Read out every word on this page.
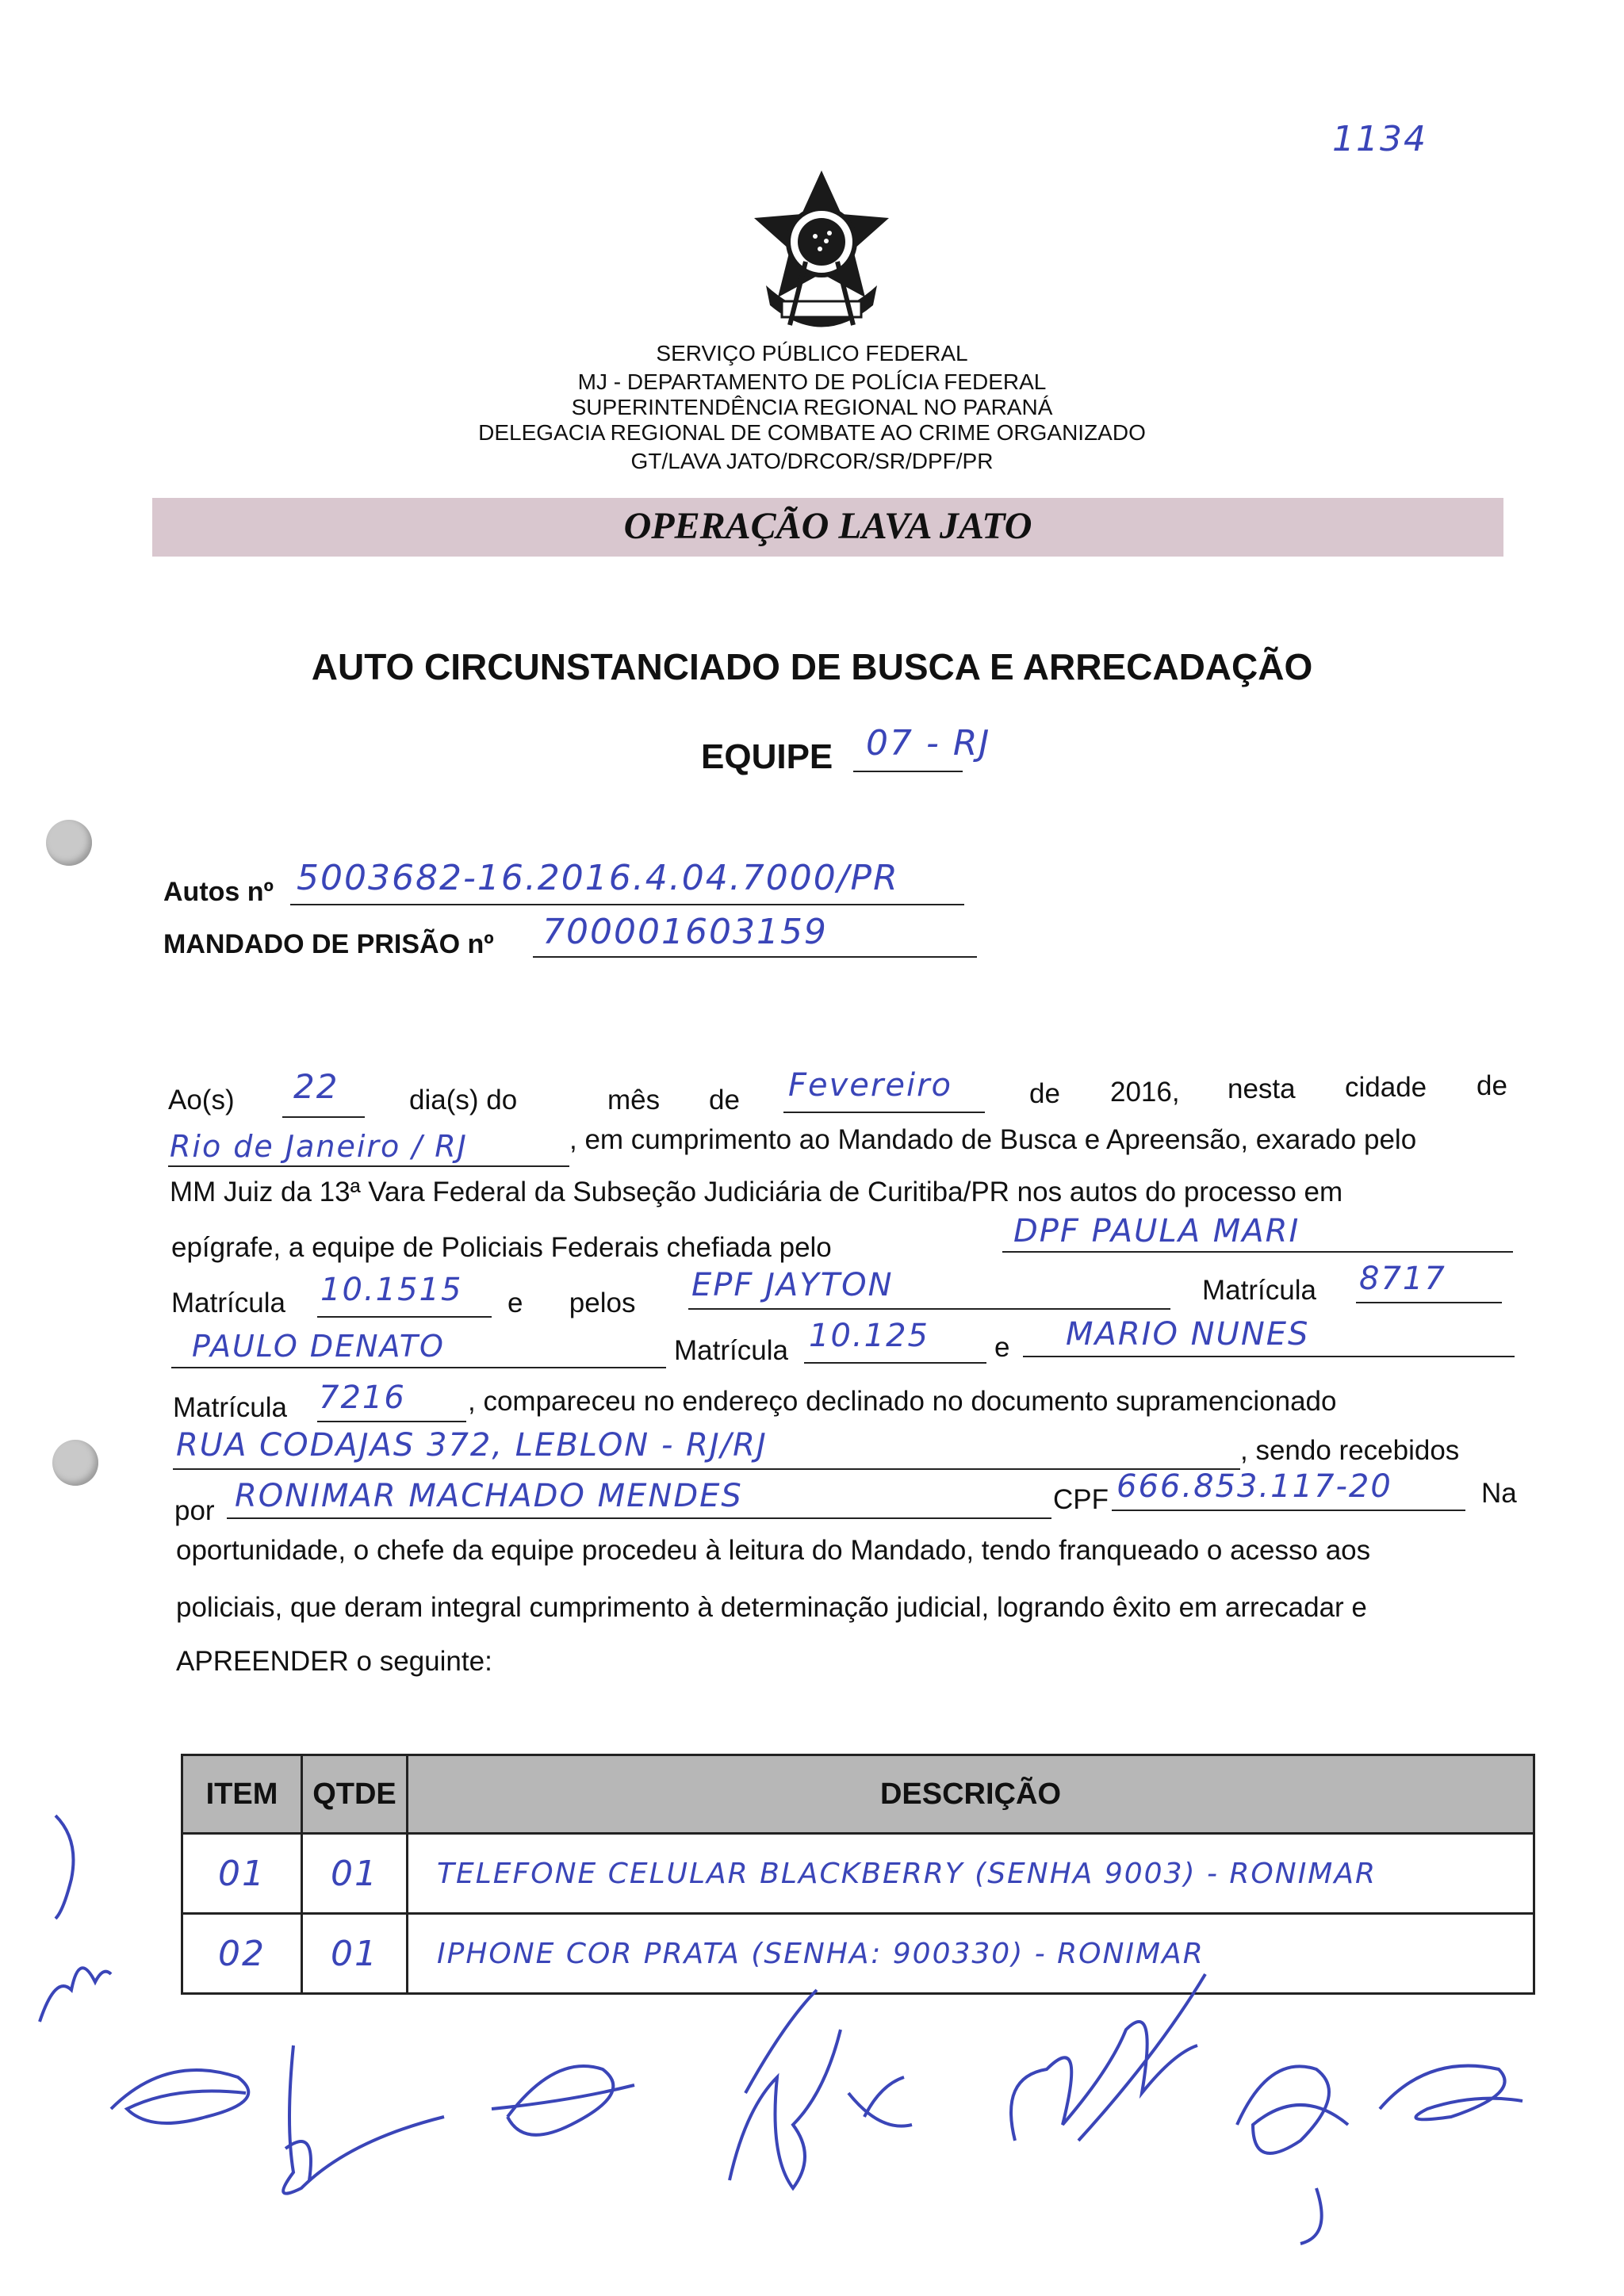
1134
SERVIÇO PÚBLICO FEDERAL
MJ - DEPARTAMENTO DE POLÍCIA FEDERAL
SUPERINTENDÊNCIA REGIONAL NO PARANÁ
DELEGACIA REGIONAL DE COMBATE AO CRIME ORGANIZADO
GT/LAVA JATO/DRCOR/SR/DPF/PR
OPERAÇÃO LAVA JATO
AUTO CIRCUNSTANCIADO DE BUSCA E ARRECADAÇÃO
EQUIPE 07 - RJ
Autos nº 5003682-16.2016.4.04.7000/PR
MANDADO DE PRISÃO nº 700001603159
Ao(s) 22	dia(s) do	mês de Fevereiro	de 2016, nesta cidade de
Rio de Janeiro / RJ	, em cumprimento ao Mandado de Busca e Apreensão, exarado pelo
MM Juiz da 13ª Vara Federal da Subseção Judiciária de Curitiba/PR nos autos do processo em
epígrafe, a equipe de Policiais Federais chefiada pelo	DPF PAULA MARI
Matrícula 10.1515 e      pelos EPF JAYTON	Matrícula 8717
PAULO DENATO	Matrícula 10.125 e MARIO NUNES
Matrícula 7216 , compareceu no endereço declinado no documento supramencionado
RUA CODAJAS 372, LEBLON - RJ/RJ	, sendo recebidos
por RONIMAR MACHADO MENDES	CPF 666.853.117-20	Na
oportunidade, o chefe da equipe procedeu à leitura do Mandado, tendo franqueado o acesso aos
policiais, que deram integral cumprimento à determinação judicial, logrando êxito em arrecadar e
APREENDER o seguinte:
ITEM	QTDE	DESCRIÇÃO
01	01	TELEFONE CELULAR BLACKBERRY (SENHA 9003) - RONIMAR
02	01	IPHONE COR PRATA (SENHA: 900330) - RONIMAR
